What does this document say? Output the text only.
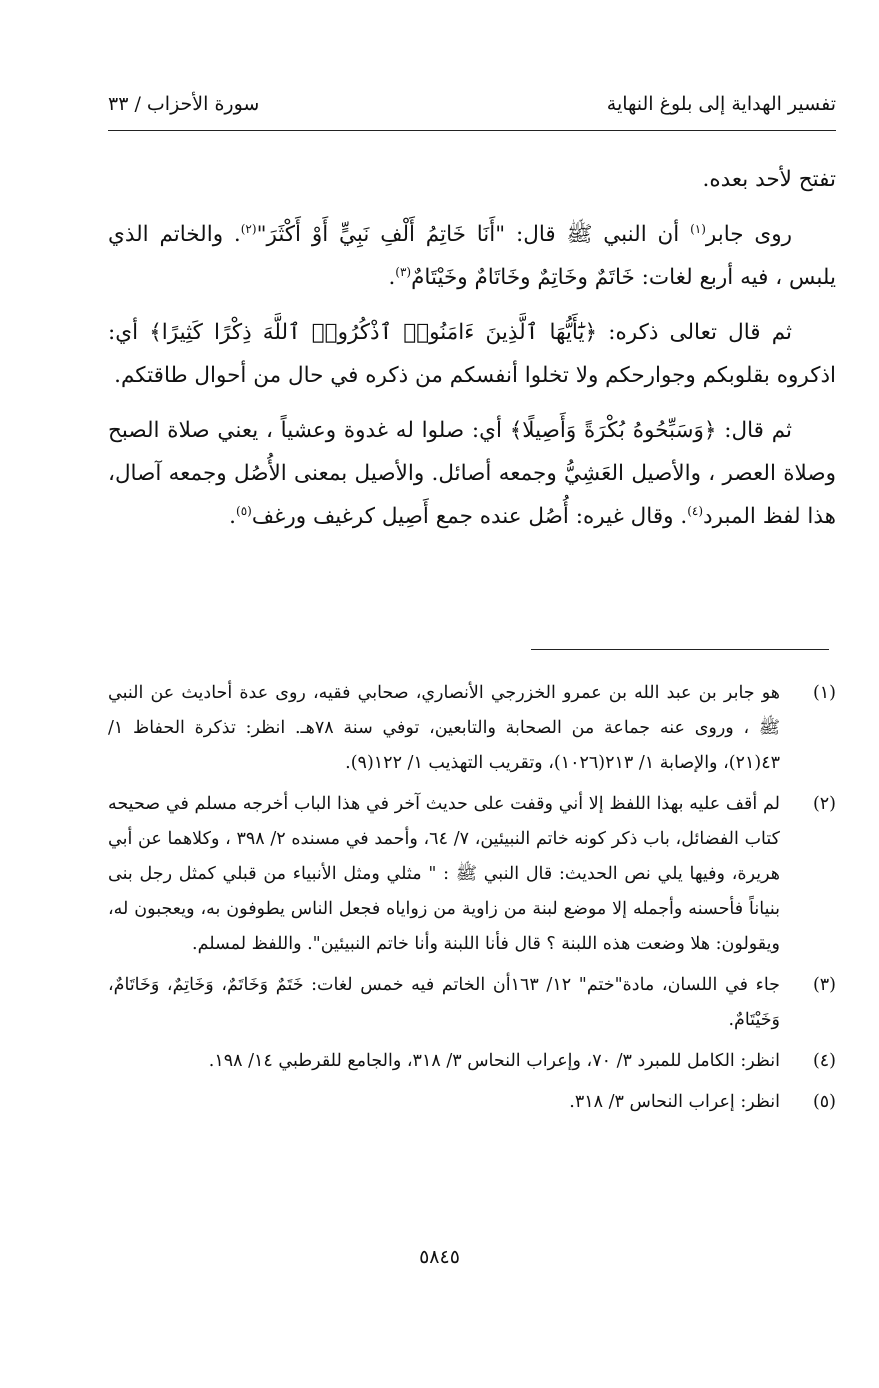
تفسير الهداية إلى بلوغ النهاية
سورة الأحزاب / ٣٣

تفتح لأحد بعده.

روى جابر$^{(١)}$ أن النبي ﷺ قال: "أَنَا خَاتِمُ أَلْفِ نَبِيٍّ أَوْ أَكْثَرَ"$^{(٢)}$. والخاتم الذي يلبس ، فيه أربع لغات: خَاتَمٌ وخَاتِمٌ وخَاتَامٌ وخَيْتَامٌ$^{(٣)}$.

ثم قال تعالى ذكره: ﴿يَٰٓأَيُّهَا ٱلَّذِينَ ءَامَنُوا۟ ٱذْكُرُوا۟ ٱللَّهَ ذِكْرًا كَثِيرًا﴾ أي: اذكروه بقلوبكم وجوارحكم ولا تخلوا أنفسكم من ذكره في حال من أحوال طاقتكم.

ثم قال: ﴿وَسَبِّحُوهُ بُكْرَةً وَأَصِيلًا﴾ أي: صلوا له غدوة وعشياً ، يعني صلاة الصبح وصلاة العصر ، والأصيل العَشِيُّ وجمعه أصائل. والأصيل بمعنى الأُصُل وجمعه آصال، هذا لفظ المبرد$^{(٤)}$. وقال غيره: أُصُل عنده جمع أَصِيل كرغيف ورغف$^{(٥)}$.

(١)
هو جابر بن عبد الله بن عمرو الخزرجي الأنصاري، صحابي فقيه، روى عدة أحاديث عن النبي ﷺ ، وروى عنه جماعة من الصحابة والتابعين، توفي سنة ٧٨هـ. انظر: تذكرة الحفاظ ١/ ٤٣(٢١)، والإصابة ١/ ٢١٣(١٠٢٦)، وتقريب التهذيب ١/ ١٢٢(٩).
(٢)
لم أقف عليه بهذا اللفظ إلا أني وقفت على حديث آخر في هذا الباب أخرجه مسلم في صحيحه كتاب الفضائل، باب ذكر كونه خاتم النبيئين، ٧/ ٦٤، وأحمد في مسنده ٢/ ٣٩٨ ، وكلاهما عن أبي هريرة، وفيها يلي نص الحديث: قال النبي ﷺ : " مثلي ومثل الأنبياء من قبلي كمثل رجل بنى بنياناً فأحسنه وأجمله إلا موضع لبنة من زاوية من زواياه فجعل الناس يطوفون به، ويعجبون له، ويقولون: هلا وضعت هذه اللبنة ؟ قال فأنا اللبنة وأنا خاتم النبيئين". واللفظ لمسلم.
(٣)
جاء في اللسان، مادة"ختم" ١٢/ ١٦٣أن الخاتم فيه خمس لغات: خَتَمٌ وَخَاتَمٌ، وَخَاتِمٌ، وَخَاتَامٌ، وَخَيْتَامٌ.
(٤)
انظر: الكامل للمبرد ٣/ ٧٠، وإعراب النحاس ٣/ ٣١٨، والجامع للقرطبي ١٤/ ١٩٨.
(٥)
انظر: إعراب النحاس ٣/ ٣١٨.
٥٨٤٥
